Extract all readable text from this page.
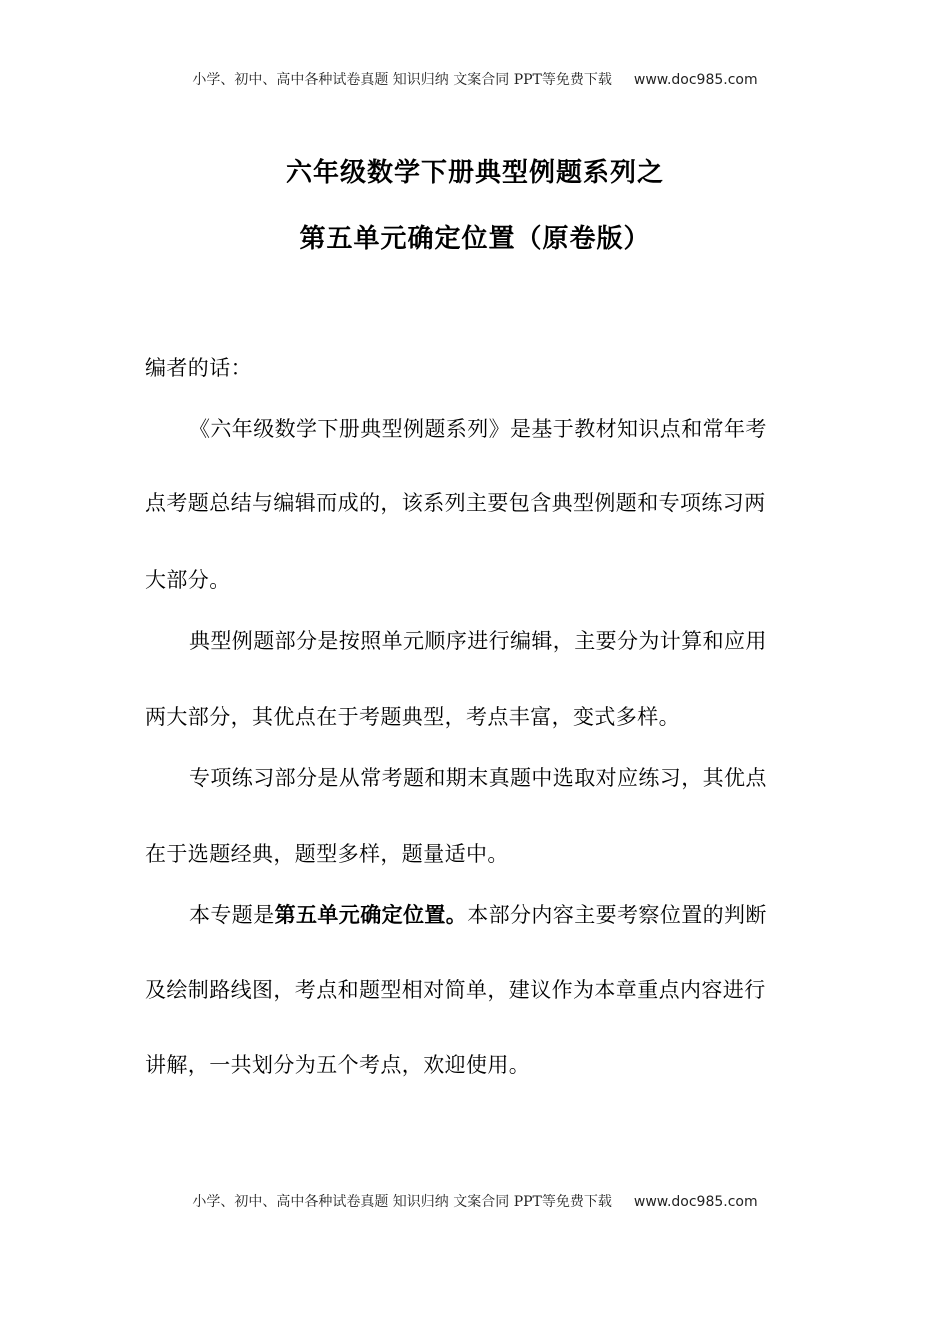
小学、初中、高中各种试卷真题 知识归纳 文案合同 PPT等免费下载 www.doc985.com
六年级数学下册典型例题系列之
第五单元确定位置（原卷版）
编者的话：
《六年级数学下册典型例题系列》是基于教材知识点和常年考
点考题总结与编辑而成的，该系列主要包含典型例题和专项练习两
大部分。
典型例题部分是按照单元顺序进行编辑，主要分为计算和应用
两大部分，其优点在于考题典型，考点丰富，变式多样。
专项练习部分是从常考题和期末真题中选取对应练习，其优点
在于选题经典，题型多样，题量适中。
本专题是第五单元确定位置。本部分内容主要考察位置的判断
及绘制路线图，考点和题型相对简单，建议作为本章重点内容进行
讲解，一共划分为五个考点，欢迎使用。
小学、初中、高中各种试卷真题 知识归纳 文案合同 PPT等免费下载 www.doc985.com
